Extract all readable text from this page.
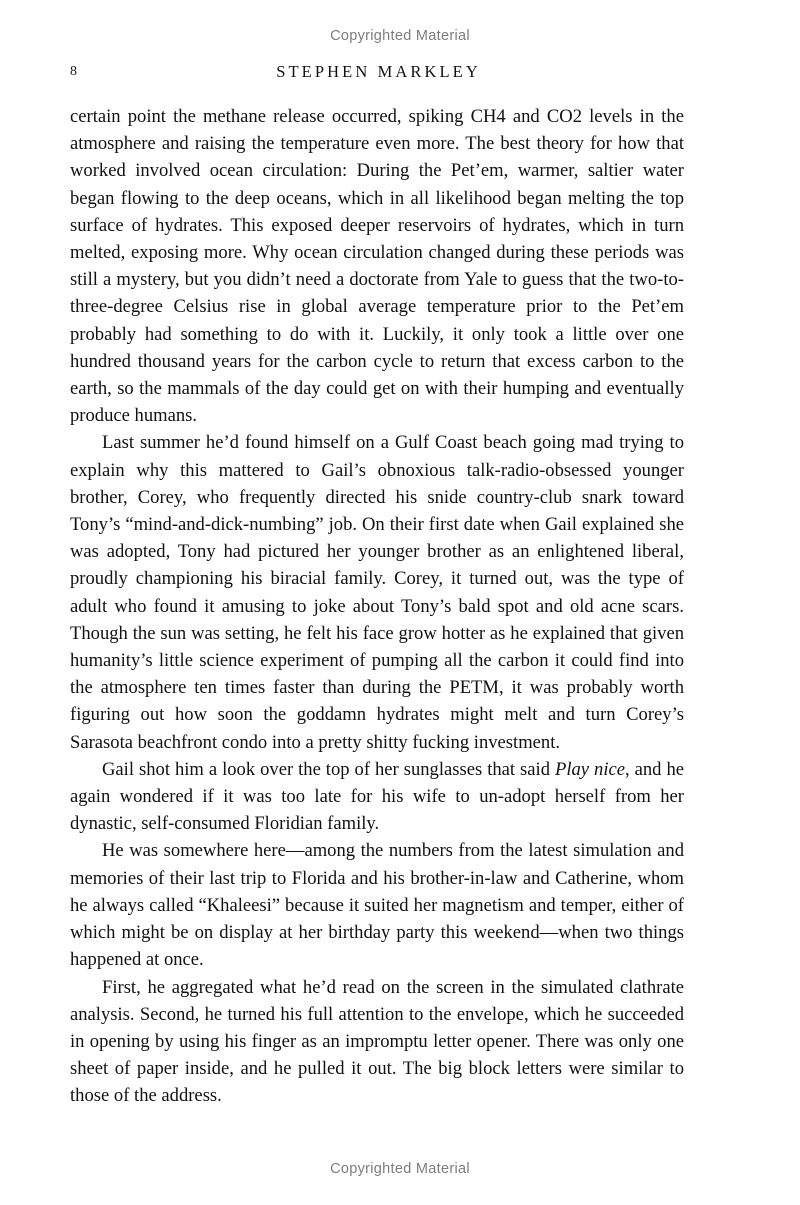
Copyrighted Material
8	STEPHEN MARKLEY

certain point the methane release occurred, spiking CH4 and CO2 levels in the atmosphere and raising the temperature even more. The best theory for how that worked involved ocean circulation: During the Pet’em, warmer, saltier water began flowing to the deep oceans, which in all likelihood began melting the top surface of hydrates. This exposed deeper reservoirs of hydrates, which in turn melted, exposing more. Why ocean circulation changed during these periods was still a mystery, but you didn’t need a doctorate from Yale to guess that the two-to-three-degree Celsius rise in global average temperature prior to the Pet’em probably had something to do with it. Luckily, it only took a little over one hundred thousand years for the carbon cycle to return that excess carbon to the earth, so the mammals of the day could get on with their humping and eventually produce humans.

Last summer he’d found himself on a Gulf Coast beach going mad trying to explain why this mattered to Gail’s obnoxious talk-radio-obsessed younger brother, Corey, who frequently directed his snide country-club snark toward Tony’s “mind-and-dick-numbing” job. On their first date when Gail explained she was adopted, Tony had pictured her younger brother as an enlightened liberal, proudly championing his biracial family. Corey, it turned out, was the type of adult who found it amusing to joke about Tony’s bald spot and old acne scars. Though the sun was setting, he felt his face grow hotter as he explained that given humanity’s little science experiment of pumping all the carbon it could find into the atmosphere ten times faster than during the PETM, it was probably worth figuring out how soon the goddamn hydrates might melt and turn Corey’s Sarasota beachfront condo into a pretty shitty fucking investment.

Gail shot him a look over the top of her sunglasses that said Play nice, and he again wondered if it was too late for his wife to un-adopt herself from her dynastic, self-consumed Floridian family.

He was somewhere here—among the numbers from the latest simulation and memories of their last trip to Florida and his brother-in-law and Catherine, whom he always called “Khaleesi” because it suited her magnetism and temper, either of which might be on display at her birthday party this weekend—when two things happened at once.

First, he aggregated what he’d read on the screen in the simulated clathrate analysis. Second, he turned his full attention to the envelope, which he succeeded in opening by using his finger as an impromptu letter opener. There was only one sheet of paper inside, and he pulled it out. The big block letters were similar to those of the address.

Copyrighted Material
